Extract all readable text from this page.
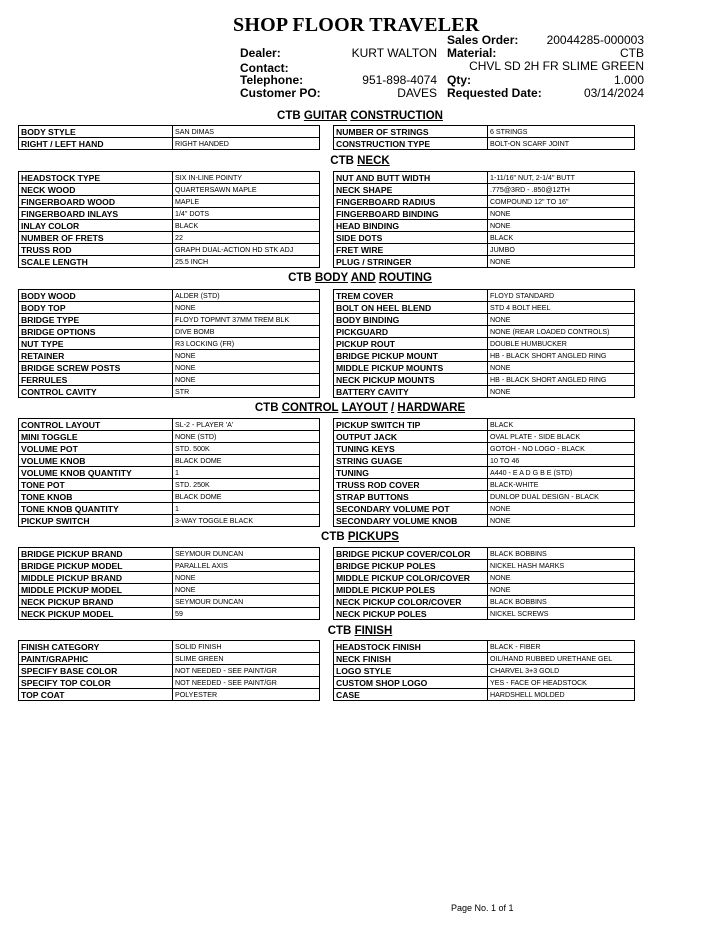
SHOP FLOOR TRAVELER
Dealer:	KURT WALTON
Contact:
Telephone:	951-898-4074
Customer PO:	DAVES
Sales Order: 20044285-000003
Material:	CTB
CHVL SD 2H FR SLIME GREEN
Qty:	1.000
Requested Date:	03/14/2024
CTB GUITAR CONSTRUCTION
BODY STYLE	SAN DIMAS
RIGHT / LEFT HAND	RIGHT HANDED
NUMBER OF STRINGS	6 STRINGS
CONSTRUCTION TYPE	BOLT-ON SCARF JOINT
CTB NECK
HEADSTOCK TYPE	SIX IN-LINE POINTY
NECK WOOD	QUARTERSAWN MAPLE
FINGERBOARD WOOD	MAPLE
FINGERBOARD INLAYS	1/4" DOTS
INLAY COLOR	BLACK
NUMBER OF FRETS	22
TRUSS ROD	GRAPH DUAL-ACTION HD STK ADJ
SCALE LENGTH	25.5 INCH
NUT AND BUTT WIDTH	1-11/16" NUT, 2-1/4" BUTT
NECK SHAPE	.775@3RD - .850@12TH
FINGERBOARD RADIUS	COMPOUND 12" TO 16"
FINGERBOARD BINDING	NONE
HEAD BINDING	NONE
SIDE DOTS	BLACK
FRET WIRE	JUMBO
PLUG / STRINGER	NONE
CTB BODY AND ROUTING
BODY WOOD	ALDER (STD)
BODY TOP	NONE
BRIDGE TYPE	FLOYD TOPMNT 37MM TREM BLK
BRIDGE OPTIONS	DIVE BOMB
NUT TYPE	R3 LOCKING (FR)
RETAINER	NONE
BRIDGE SCREW POSTS	NONE
FERRULES	NONE
CONTROL CAVITY	STR
TREM COVER	FLOYD STANDARD
BOLT ON HEEL BLEND	STD 4 BOLT HEEL
BODY BINDING	NONE
PICKGUARD	NONE (REAR LOADED CONTROLS)
PICKUP ROUT	DOUBLE HUMBUCKER
BRIDGE PICKUP MOUNT	HB - BLACK SHORT ANGLED RING
MIDDLE PICKUP MOUNTS	NONE
NECK PICKUP MOUNTS	HB - BLACK SHORT ANGLED RING
BATTERY CAVITY	NONE
CTB CONTROL LAYOUT / HARDWARE
CONTROL LAYOUT	SL-2 - PLAYER 'A'
MINI TOGGLE	NONE (STD)
VOLUME POT	STD. 500K
VOLUME KNOB	BLACK DOME
VOLUME KNOB QUANTITY	1
TONE POT	STD. 250K
TONE KNOB	BLACK DOME
TONE KNOB QUANTITY	1
PICKUP SWITCH	3-WAY TOGGLE BLACK
PICKUP SWITCH TIP	BLACK
OUTPUT JACK	OVAL PLATE - SIDE BLACK
TUNING KEYS	GOTOH - NO LOGO - BLACK
STRING GUAGE	10 TO 46
TUNING	A440 - E A D G B E (STD)
TRUSS ROD COVER	BLACK-WHITE
STRAP BUTTONS	DUNLOP DUAL DESIGN - BLACK
SECONDARY VOLUME POT	NONE
SECONDARY VOLUME KNOB	NONE
CTB PICKUPS
BRIDGE PICKUP BRAND	SEYMOUR DUNCAN
BRIDGE PICKUP MODEL	PARALLEL AXIS
MIDDLE PICKUP BRAND	NONE
MIDDLE PICKUP MODEL	NONE
NECK PICKUP BRAND	SEYMOUR DUNCAN
NECK PICKUP MODEL	59
BRIDGE PICKUP COVER/COLOR	BLACK BOBBINS
BRIDGE PICKUP POLES	NICKEL HASH MARKS
MIDDLE PICKUP COLOR/COVER	NONE
MIDDLE PICKUP POLES	NONE
NECK PICKUP COLOR/COVER	BLACK BOBBINS
NECK PICKUP POLES	NICKEL SCREWS
CTB FINISH
FINISH CATEGORY	SOLID FINISH
PAINT/GRAPHIC	SLIME GREEN
SPECIFY BASE COLOR	NOT NEEDED - SEE PAINT/GR
SPECIFY TOP COLOR	NOT NEEDED - SEE PAINT/GR
TOP COAT	POLYESTER
HEADSTOCK FINISH	BLACK - FIBER
NECK FINISH	OIL/HAND RUBBED URETHANE GEL
LOGO STYLE	CHARVEL 3+3 GOLD
CUSTOM SHOP LOGO	YES - FACE OF HEADSTOCK
CASE	HARDSHELL MOLDED
Page No. 1 of 1
